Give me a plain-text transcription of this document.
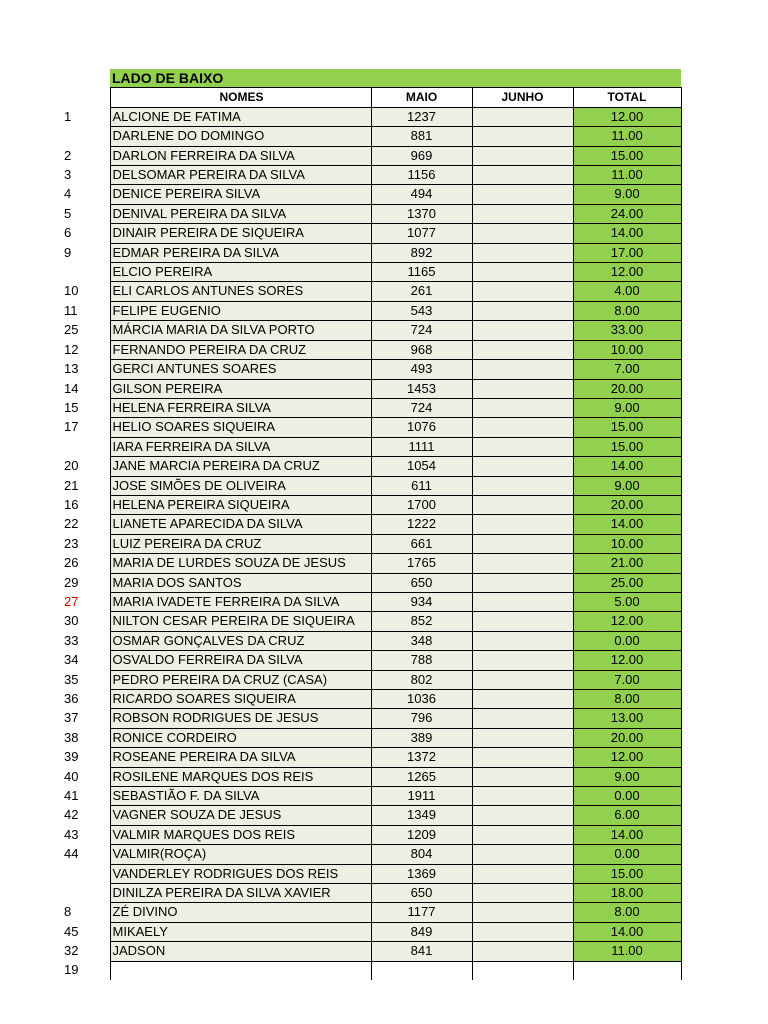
	LADO DE BAIXO			
	NOMES	MAIO	JUNHO	TOTAL
1	ALCIONE DE FATIMA	1237		12.00
	DARLENE DO DOMINGO	881		11.00
2	DARLON FERREIRA DA SILVA	969		15.00
3	DELSOMAR PEREIRA DA SILVA	1156		11.00
4	DENICE PEREIRA SILVA	494		9.00
5	DENIVAL PEREIRA DA SILVA	1370		24.00
6	DINAIR PEREIRA DE SIQUEIRA	1077		14.00
9	EDMAR PEREIRA DA SILVA	892		17.00
	ELCIO PEREIRA	1165		12.00
10	ELI CARLOS ANTUNES SORES	261		4.00
11	FELIPE EUGENIO	543		8.00
25	MÁRCIA MARIA DA SILVA PORTO	724		33.00
12	FERNANDO PEREIRA DA CRUZ	968		10.00
13	GERCI ANTUNES SOARES	493		7.00
14	GILSON PEREIRA	1453		20.00
15	HELENA FERREIRA SILVA	724		9.00
17	HELIO SOARES SIQUEIRA	1076		15.00
	IARA FERREIRA DA SILVA	1111		15.00
20	JANE MARCIA PEREIRA DA CRUZ	1054		14.00
21	JOSE SIMÕES DE OLIVEIRA	611		9.00
16	HELENA PEREIRA SIQUEIRA	1700		20.00
22	LIANETE APARECIDA DA SILVA	1222		14.00
23	LUIZ PEREIRA DA CRUZ	661		10.00
26	MARIA DE LURDES SOUZA DE JESUS	1765		21.00
29	MARIA DOS SANTOS	650		25.00
27	MARIA IVADETE FERREIRA DA SILVA	934		5.00
30	NILTON CESAR PEREIRA DE SIQUEIRA	852		12.00
33	OSMAR GONÇALVES DA CRUZ	348		0.00
34	OSVALDO FERREIRA DA SILVA	788		12.00
35	PEDRO PEREIRA DA CRUZ (CASA)	802		7.00
36	RICARDO SOARES SIQUEIRA	1036		8.00
37	ROBSON RODRIGUES DE JESUS	796		13.00
38	RONICE CORDEIRO	389		20.00
39	ROSEANE PEREIRA DA SILVA	1372		12.00
40	ROSILENE MARQUES DOS REIS	1265		9.00
41	SEBASTIÃO F. DA SILVA	1911		0.00
42	VAGNER SOUZA DE JESUS	1349		6.00
43	VALMIR MARQUES DOS REIS	1209		14.00
44	VALMIR(ROÇA)	804		0.00
	VANDERLEY RODRIGUES DOS REIS	1369		15.00
	DINILZA PEREIRA DA SILVA XAVIER	650		18.00
8	ZÉ DIVINO	1177		8.00
45	MIKAELY	849		14.00
32	JADSON	841		11.00
19				
